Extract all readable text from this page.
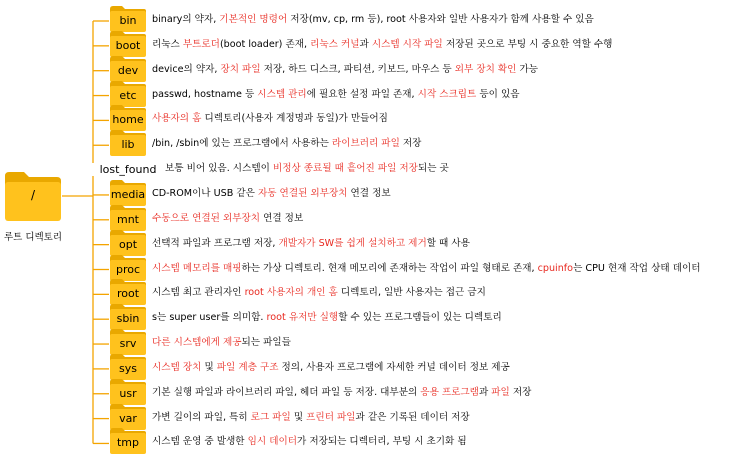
/
루트 디렉토리
bin	binary의 약자, 기본적인 명령어 저장(mv, cp, rm 등), root 사용자와 일반 사용자가 함께 사용할 수 있음
boot	리눅스 부트로더(boot loader) 존재, 리눅스 커널과 시스템 시작 파일 저장된 곳으로 부팅 시 중요한 역할 수행
dev	device의 약자, 장치 파일 저장, 하드 디스크, 파티션, 키보드, 마우스 등 외부 장치 확인 가능
etc	passwd, hostname 등 시스템 관리에 필요한 설정 파일 존재, 시작 스크립트 등이 있음
home 사용자의 홈 디렉토리(사용자 계정명과 동일)가 만들어짐
lib	/bin, /sbin에 있는 프로그램에서 사용하는 라이브러리 파일 저장
lost_found 보통 비어 있음. 시스템이 비정상 종료될 때 흩어진 파일 저장되는 곳
media CD-ROM이나 USB 같은 자동 연결된 외부장치 연결 정보
mnt	수동으로 연결된 외부장치 연결 정보
opt	선택적 파일과 프로그램 저장, 개발자가 SW를 쉽게 설치하고 제거할 때 사용
proc	시스템 메모리를 매핑하는 가상 디렉토리. 현재 메모리에 존재하는 작업이 파일 형태로 존재, cpuinfo는 CPU 현재 작업 상태 데이터
root	시스템 최고 관리자인 root 사용자의 개인 홈 디렉토리, 일반 사용자는 접근 금지
sbin	s는 super user를 의미함. root 유저만 실행할 수 있는 프로그램들이 있는 디렉토리
srv	다른 시스템에게 제공되는 파일들
sys	시스템 장치 및 파일 계층 구조 정의, 사용자 프로그램에 자세한 커널 데이터 정보 제공
usr	기본 실행 파일과 라이브러리 파일, 헤더 파일 등 저장. 대부분의 응용 프로그램과 파일 저장
var	가변 길이의 파일, 특히 로그 파일 및 프린터 파일과 같은 기록된 데이터 저장
tmp	시스템 운영 중 발생한 임시 데이터가 저장되는 디렉터리, 부팅 시 초기화 됨
